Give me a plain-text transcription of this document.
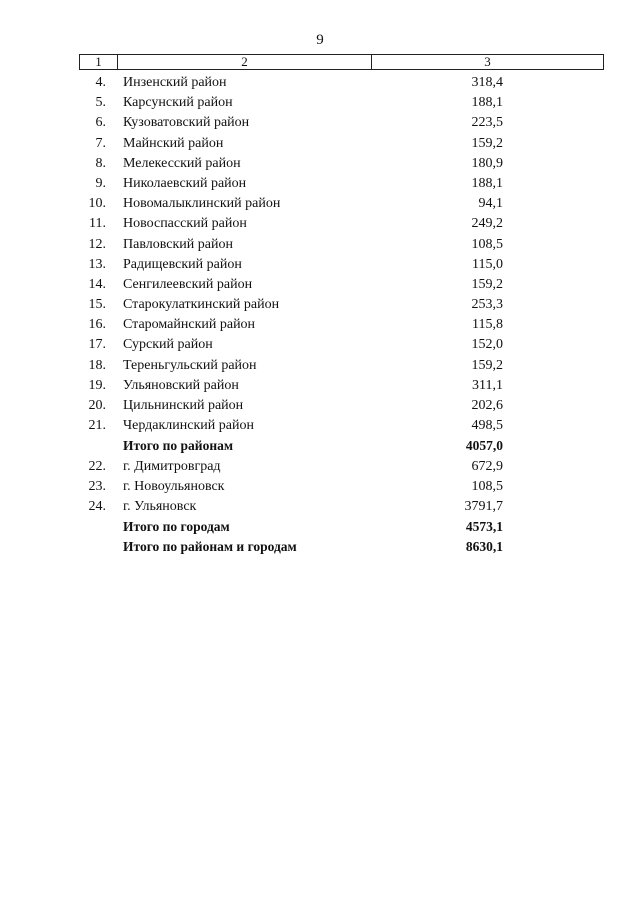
9
1	2	3
4. Инзенский район	318,4
5. Карсунский район	188,1
6. Кузоватовский район	223,5
7. Майнский район	159,2
8. Мелекесский район	180,9
9. Николаевский район	188,1
10. Новомалыклинский район	94,1
11. Новоспасский район	249,2
12. Павловский район	108,5
13. Радищевский район	115,0
14. Сенгилеевский район	159,2
15. Старокулаткинский район	253,3
16. Старомайнский район	115,8
17. Сурский район	152,0
18. Тереньгульский район	159,2
19. Ульяновский район	311,1
20. Цильнинский район	202,6
21. Чердаклинский район	498,5
Итого по районам	4057,0
22. г. Димитровград	672,9
23. г. Новоульяновск	108,5
24. г. Ульяновск	3791,7
Итого по городам	4573,1
Итого по районам и городам	8630,1
